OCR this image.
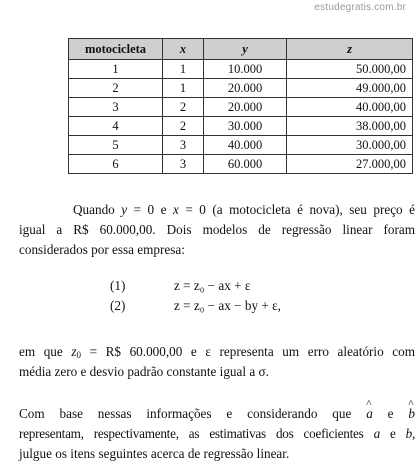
estudegratis.com.br
motocicleta	x	y	z
1	1	10.000	50.000,00
2	1	20.000	49.000,00
3	2	20.000	40.000,00
4	2	30.000	38.000,00
5	3	40.000	30.000,00
6	3	60.000	27.000,00
Quando y = 0 e x = 0 (a motocicleta é nova), seu preço é
igual a R$ 60.000,00. Dois modelos de regressão linear foram
considerados por essa empresa:
(1)	z = z₀ − ax + ε
(2)	z = z₀ − ax − by + ε,
em que $z_0$ = R$ 60.000,00 e ε representa um erro aleatório com
média zero e desvio padrão constante igual a σ.
Com base nessas informações e considerando que ^ a e ^ b
representam, respectivamente, as estimativas dos coeficientes a e b,
julgue os itens seguintes acerca de regressão linear.
